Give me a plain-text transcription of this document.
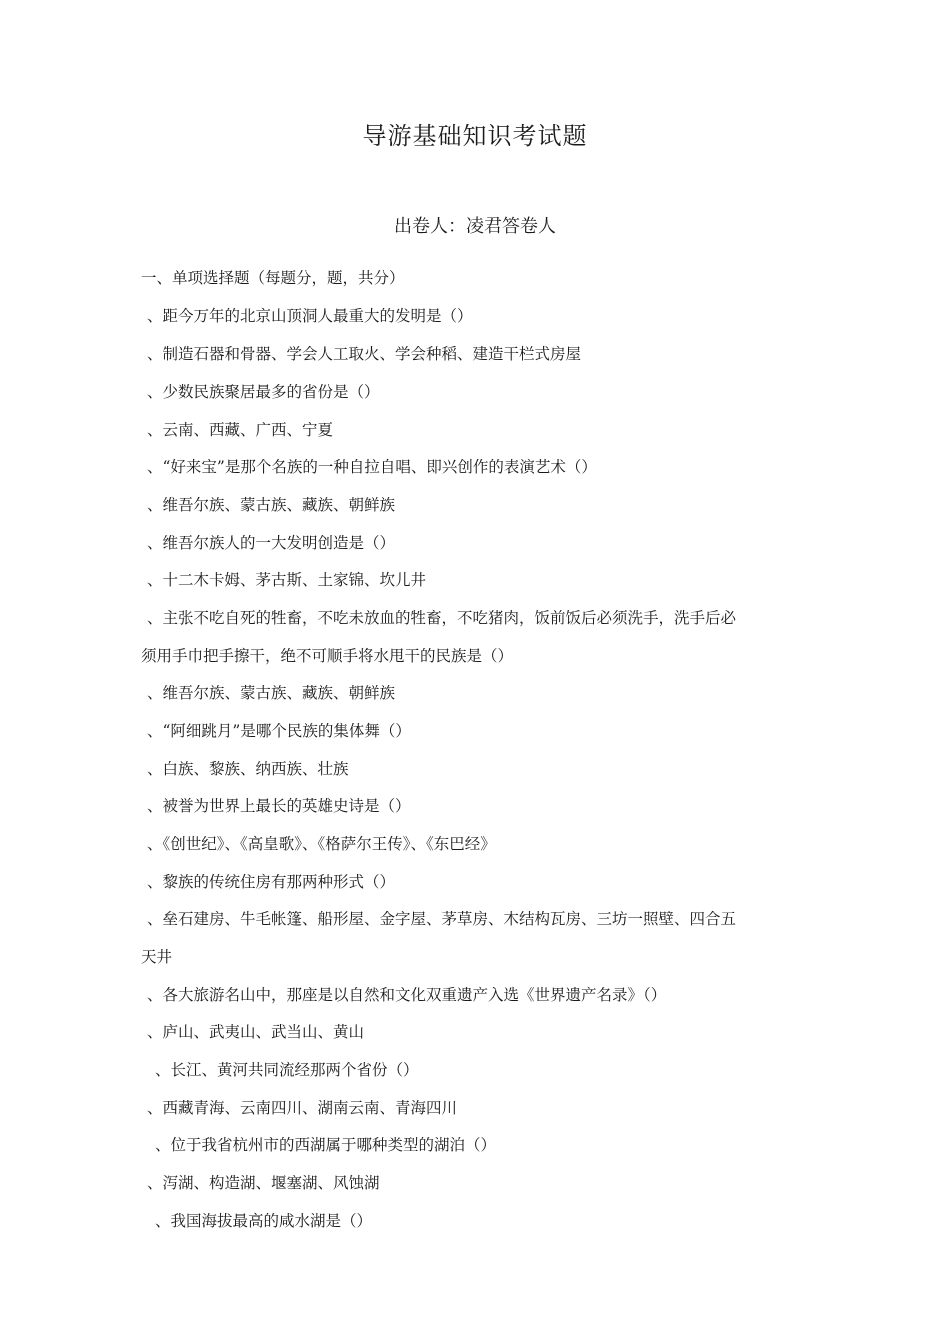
导游基础知识考试题
出卷人：凌君答卷人
一、单项选择题（每题分，题，共分）
、距今万年的北京山顶洞人最重大的发明是（）
、制造石器和骨器、学会人工取火、学会种稻、建造干栏式房屋
、少数民族聚居最多的省份是（）
、云南、西藏、广西、宁夏
、“好来宝”是那个名族的一种自拉自唱、即兴创作的表演艺术（）
、维吾尔族、蒙古族、藏族、朝鲜族
、维吾尔族人的一大发明创造是（）
、十二木卡姆、茅古斯、土家锦、坎儿井
、主张不吃自死的牲畜，不吃未放血的牲畜，不吃猪肉，饭前饭后必须洗手，洗手后必
须用手巾把手擦干，绝不可顺手将水甩干的民族是（）
、维吾尔族、蒙古族、藏族、朝鲜族
、“阿细跳月”是哪个民族的集体舞（）
、白族、黎族、纳西族、壮族
、被誉为世界上最长的英雄史诗是（）
、《创世纪》、《高皇歌》、《格萨尔王传》、《东巴经》
、黎族的传统住房有那两种形式（）
、垒石建房、牛毛帐篷、船形屋、金字屋、茅草房、木结构瓦房、三坊一照壁、四合五
天井
、各大旅游名山中，那座是以自然和文化双重遗产入选《世界遗产名录》（）
、庐山、武夷山、武当山、黄山
、长江、黄河共同流经那两个省份（）
、西藏青海、云南四川、湖南云南、青海四川
、位于我省杭州市的西湖属于哪种类型的湖泊（）
、泻湖、构造湖、堰塞湖、风蚀湖
、我国海拔最高的咸水湖是（）
